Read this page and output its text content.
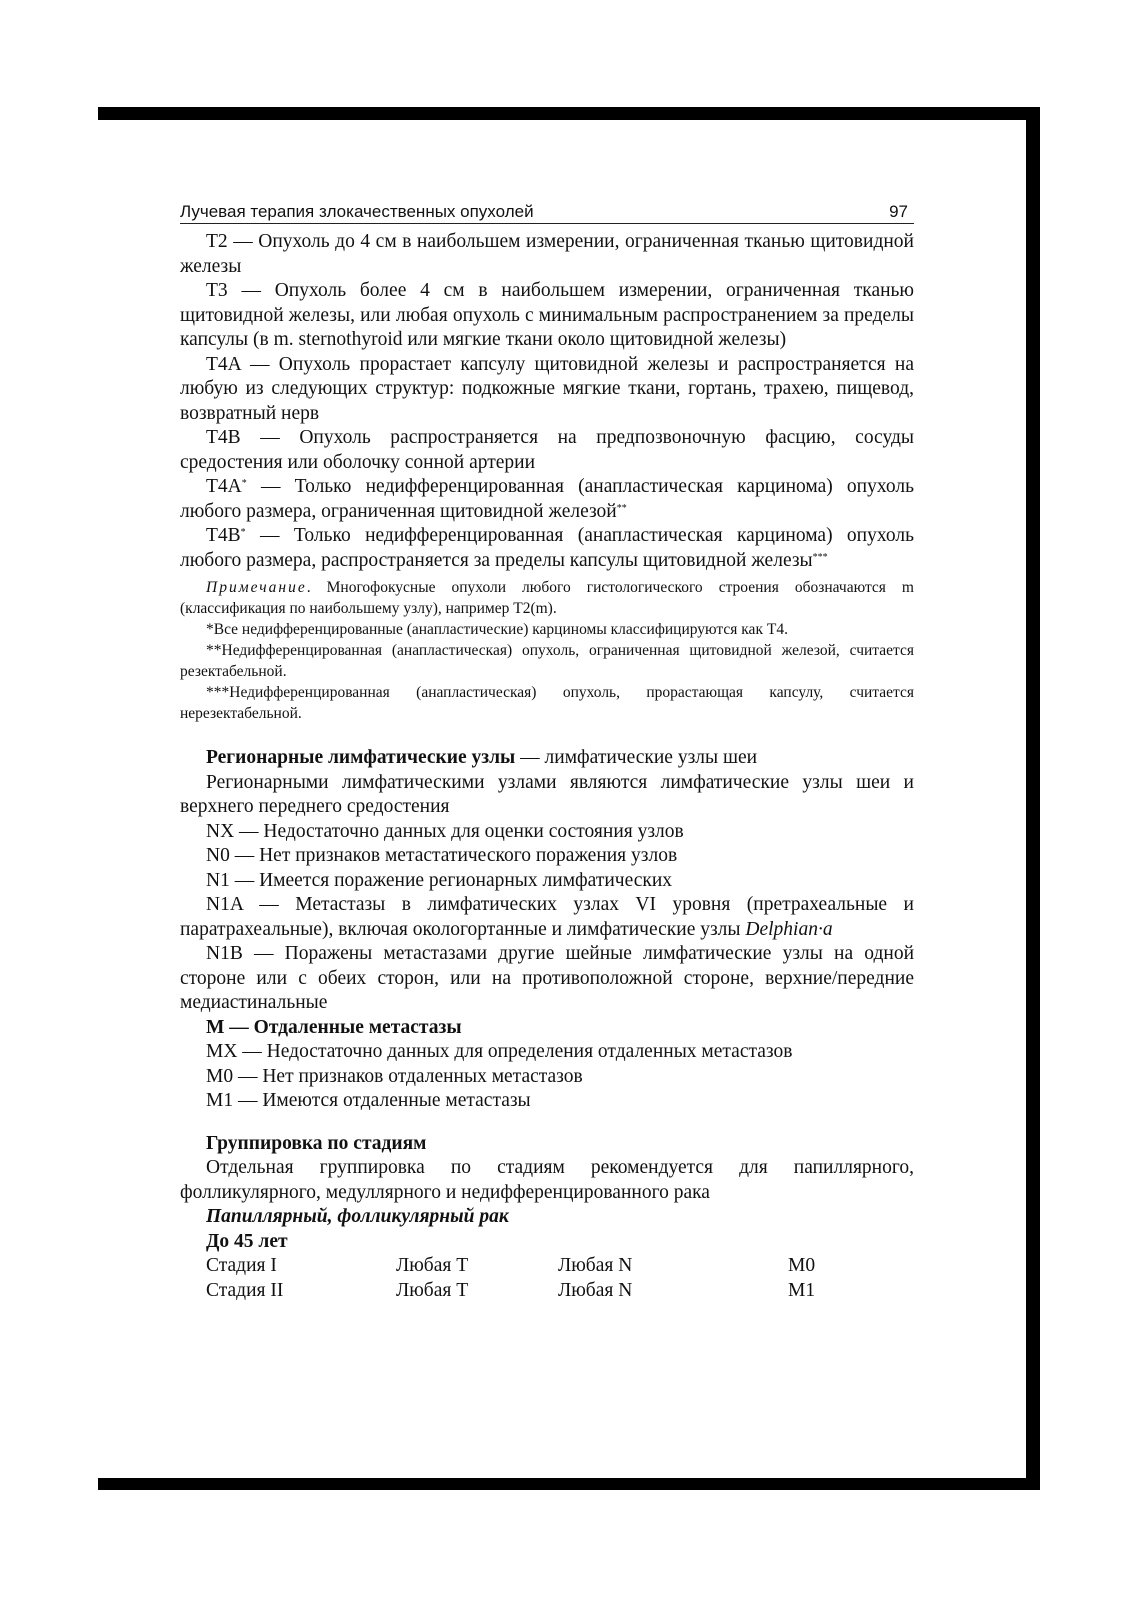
Лучевая терапия злокачественных опухолей	97

T2 — Опухоль до 4 см в наибольшем измерении, ограниченная тканью щитовидной железы

T3 — Опухоль более 4 см в наибольшем измерении, ограниченная тканью щитовидной железы, или любая опухоль с минимальным распространением за пределы капсулы (в m. sternothyroid или мягкие ткани около щитовидной железы)

T4A — Опухоль прорастает капсулу щитовидной железы и распространяется на любую из следующих структур: подкожные мягкие ткани, гортань, трахею, пищевод, возвратный нерв

T4B — Опухоль распространяется на предпозвоночную фасцию, сосуды средостения или оболочку сонной артерии

T4A* — Только недифференцированная (анапластическая карцинома) опухоль любого размера, ограниченная щитовидной железой**

T4B* — Только недифференцированная (анапластическая карцинома) опухоль любого размера, распространяется за пределы капсулы щитовидной железы***

Примечание. Многофокусные опухоли любого гистологического строения обозначаются m (классификация по наибольшему узлу), например T2(m).

*Все недифференцированные (анапластические) карциномы классифицируются как T4.

**Недифференцированная (анапластическая) опухоль, ограниченная щитовидной железой, считается резектабельной.

***Недифференцированная (анапластическая) опухоль, прорастающая капсулу, считается нерезектабельной.

Регионарные лимфатические узлы — лимфатические узлы шеи

Регионарными лимфатическими узлами являются лимфатические узлы шеи и верхнего переднего средостения

NX — Недостаточно данных для оценки состояния узлов

N0 — Нет признаков метастатического поражения узлов

N1 — Имеется поражение регионарных лимфатических

N1A — Метастазы в лимфатических узлах VI уровня (претрахеальные и паратрахеальные), включая окологортанные и лимфатические узлы Delphian·a

N1B — Поражены метастазами другие шейные лимфатические узлы на одной стороне или с обеих сторон, или на противоположной стороне, верхние/передние медиастинальные

M — Отдаленные метастазы

MX — Недостаточно данных для определения отдаленных метастазов

M0 — Нет признаков отдаленных метастазов

M1 — Имеются отдаленные метастазы

Группировка по стадиям

Отдельная группировка по стадиям рекомендуется для папиллярного, фолликулярного, медуллярного и недифференцированного рака

Папиллярный, фолликулярный рак

До 45 лет

Стадия I	Любая T	Любая N	M0
Стадия II	Любая T	Любая N	M1
